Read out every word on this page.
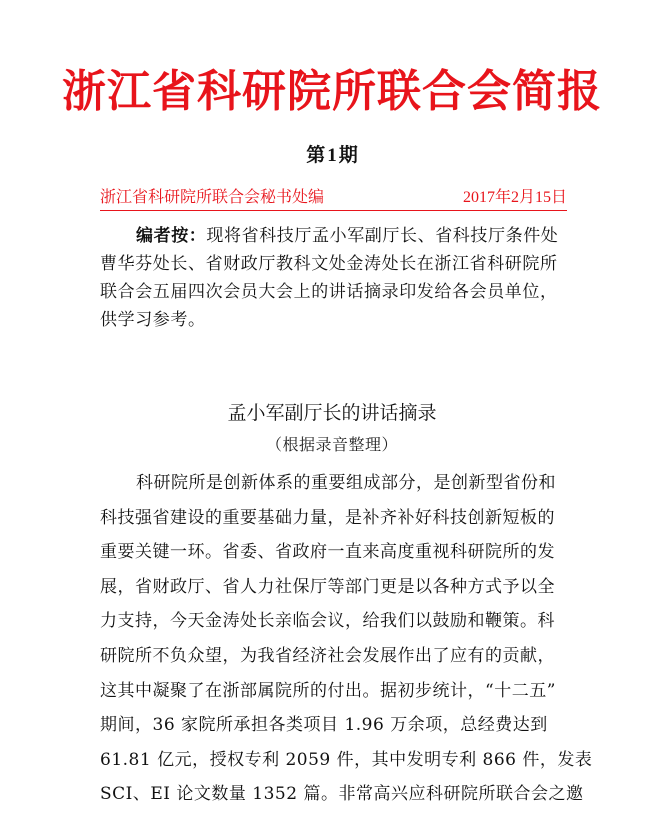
浙江省科研院所联合会简报
第 1 期
浙江省科研院所联合会秘书处编	2017年2月15日

编者按：现将省科技厅孟小军副厅长、省科技厅条件处

曹华芬处长、省财政厅教科文处金涛处长在浙江省科研院所

联合会五届四次会员大会上的讲话摘录印发给各会员单位，

供学习参考。

孟小军副厅长的讲话摘录
（根据录音整理）
科研院所是创新体系的重要组成部分，是创新型省份和
科技强省建设的重要基础力量，是补齐补好科技创新短板的
重要关键一环。省委、省政府一直来高度重视科研院所的发
展，省财政厅、省人力社保厅等部门更是以各种方式予以全
力支持，今天金涛处长亲临会议，给我们以鼓励和鞭策。科
研院所不负众望，为我省经济社会发展作出了应有的贡献，
这其中凝聚了在浙部属院所的付出。据初步统计，“十二五”
期间，36 家院所承担各类项目 1.96 万余项，总经费达到
61.81 亿元，授权专利 2059 件，其中发明专利 866 件，发表
SCI、EI 论文数量 1352 篇。非常高兴应科研院所联合会之邀
